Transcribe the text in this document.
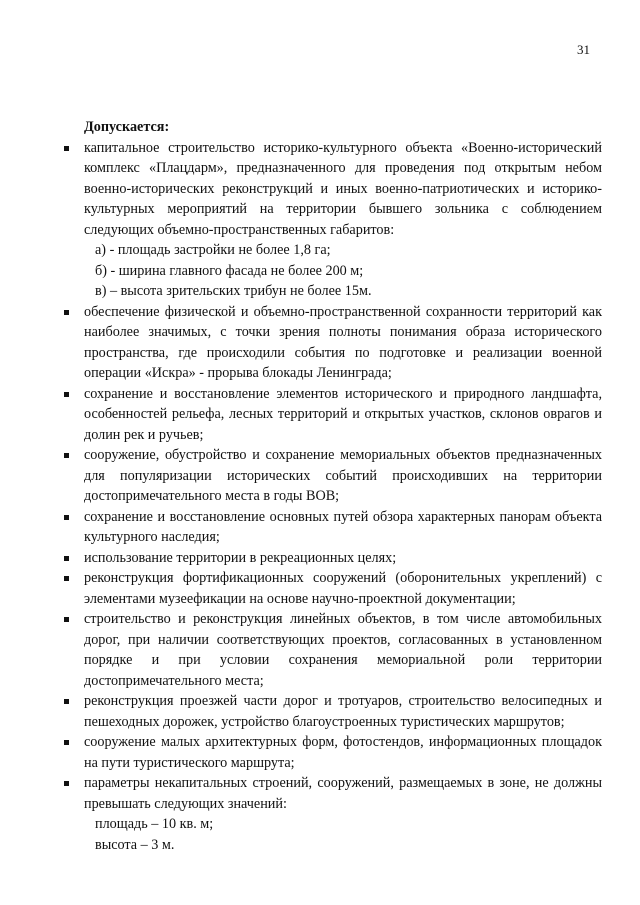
31

Допускается:

капитальное строительство историко-культурного объекта «Военно-исторический комплекс «Плацдарм», предназначенного для проведения под открытым небом военно-исторических реконструкций и иных военно-патриотических и историко-культурных мероприятий на территории бывшего зольника с соблюдением следующих объемно-пространственных габаритов:
а) - площадь застройки не более 1,8 га;
б) - ширина главного фасада не более 200 м;
в) – высота зрительских трибун не более 15м.
обеспечение физической и объемно-пространственной сохранности территорий как наиболее значимых, с точки зрения полноты понимания образа исторического пространства, где происходили события по подготовке и реализации военной операции «Искра» - прорыва блокады Ленинграда;
сохранение и восстановление элементов исторического и природного ландшафта, особенностей рельефа, лесных территорий и открытых участков, склонов оврагов и долин рек и ручьев;
сооружение, обустройство и сохранение мемориальных объектов предназначенных для популяризации исторических событий происходивших на территории достопримечательного места в годы ВОВ;
сохранение и восстановление основных путей обзора характерных панорам объекта культурного наследия;
использование территории в рекреационных целях;
реконструкция фортификационных сооружений (оборонительных укреплений) с элементами музеефикации на основе научно-проектной документации;
строительство и реконструкция линейных объектов, в том числе автомобильных дорог, при наличии соответствующих проектов, согласованных в установленном порядке и при условии сохранения мемориальной роли территории достопримечательного места;
реконструкция проезжей части дорог и тротуаров, строительство велосипедных и пешеходных дорожек, устройство благоустроенных туристических маршрутов;
сооружение малых архитектурных форм, фотостендов, информационных площадок на пути туристического маршрута;
параметры некапитальных строений, сооружений, размещаемых в зоне, не должны превышать следующих значений:
площадь – 10 кв. м;
высота – 3 м.
